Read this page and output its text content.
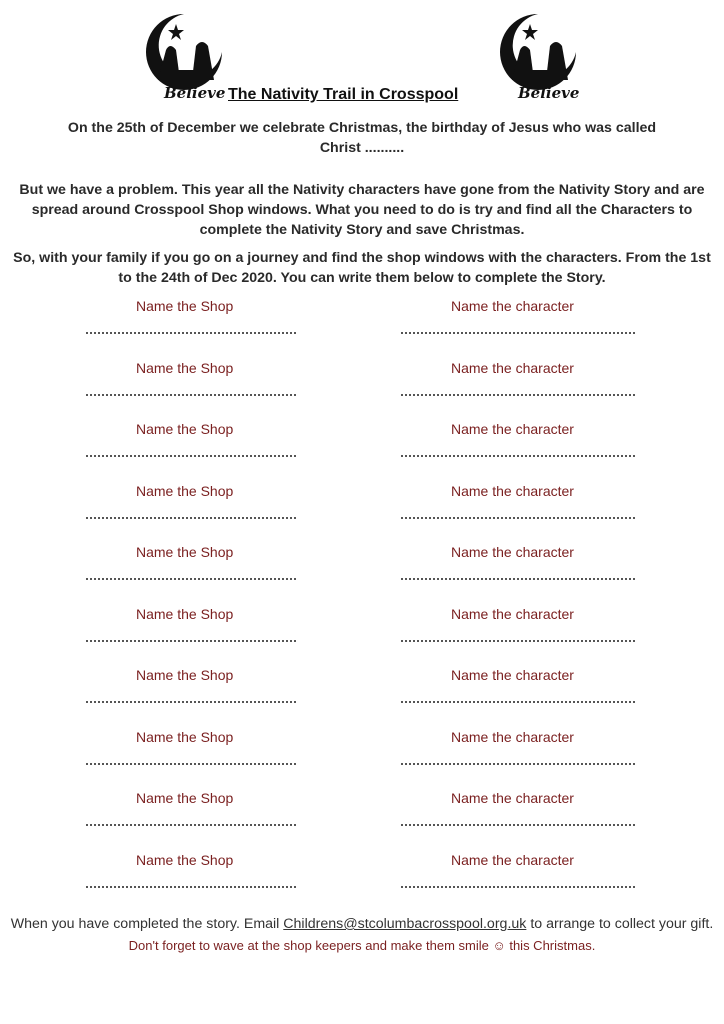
Believe	Believe
The Nativity Trail in Crosspool
On the 25th of December we celebrate Christmas, the birthday of Jesus who was called
Christ ..........
But we have a problem. This year all the Nativity characters have gone from the Nativity Story and are spread around Crosspool Shop windows. What you need to do is try and find all the Characters to complete the Nativity Story and save Christmas.
So, with your family if you go on a journey and find the shop windows with the characters. From the 1st to the 24th of Dec 2020. You can write them below to complete the Story.
Name the Shop	Name the character
Name the Shop	Name the character
Name the Shop	Name the character
Name the Shop	Name the character
Name the Shop	Name the character
Name the Shop	Name the character
Name the Shop	Name the character
Name the Shop	Name the character
Name the Shop	Name the character
Name the Shop	Name the character
When you have completed the story. Email Childrens@stcolumbacrosspool.org.uk to arrange to collect your gift. Don't forget to wave at the shop keepers and make them smile ☺ this Christmas.
